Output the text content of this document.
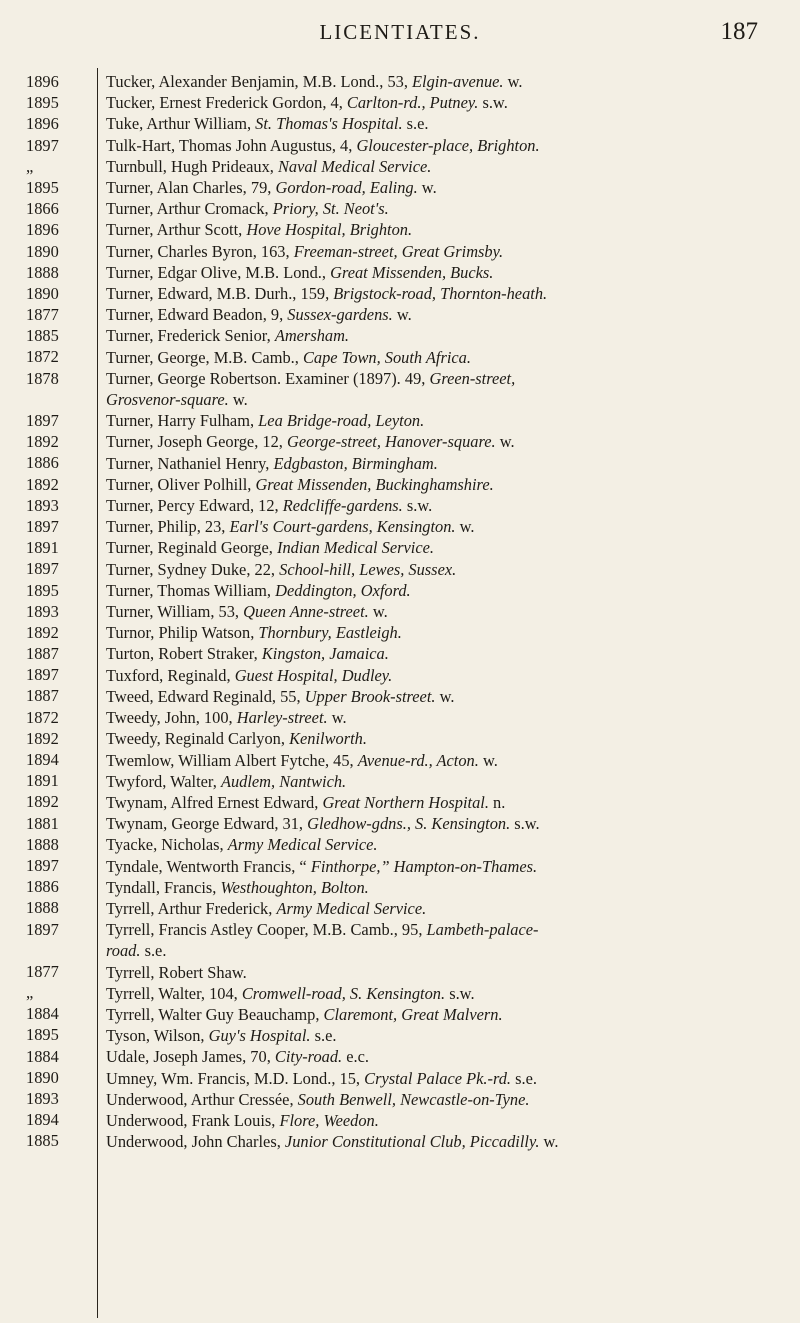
LICENTIATES.	187
1896
1895
1896
1897
„
1895
1866
1896
1890
1888
1890
1877
1885
1872
1878
1897
1892
1886
1892
1893
1897
1891
1897
1895
1893
1892
1887
1897
1887
1872
1892
1894
1891
1892
1881
1888
1897
1886
1888
1897
1877
„
1884
1895
1884
1890
1893
1894
1885
Tucker, Alexander Benjamin, M.B. Lond., 53, Elgin-avenue. w.
Tucker, Ernest Frederick Gordon, 4, Carlton-rd., Putney. s.w.
Tuke, Arthur William, St. Thomas's Hospital. s.e.
Tulk-Hart, Thomas John Augustus, 4, Gloucester-place, Brighton.
Turnbull, Hugh Prideaux, Naval Medical Service.
Turner, Alan Charles, 79, Gordon-road, Ealing. w.
Turner, Arthur Cromack, Priory, St. Neot's.
Turner, Arthur Scott, Hove Hospital, Brighton.
Turner, Charles Byron, 163, Freeman-street, Great Grimsby.
Turner, Edgar Olive, M.B. Lond., Great Missenden, Bucks.
Turner, Edward, M.B. Durh., 159, Brigstock-road, Thornton-heath.
Turner, Edward Beadon, 9, Sussex-gardens. w.
Turner, Frederick Senior, Amersham.
Turner, George, M.B. Camb., Cape Town, South Africa.
Turner, George Robertson. Examiner (1897). 49, Green-street,
Grosvenor-square. w.
Turner, Harry Fulham, Lea Bridge-road, Leyton.
Turner, Joseph George, 12, George-street, Hanover-square. w.
Turner, Nathaniel Henry, Edgbaston, Birmingham.
Turner, Oliver Polhill, Great Missenden, Buckinghamshire.
Turner, Percy Edward, 12, Redcliffe-gardens. s.w.
Turner, Philip, 23, Earl's Court-gardens, Kensington. w.
Turner, Reginald George, Indian Medical Service.
Turner, Sydney Duke, 22, School-hill, Lewes, Sussex.
Turner, Thomas William, Deddington, Oxford.
Turner, William, 53, Queen Anne-street. w.
Turnor, Philip Watson, Thornbury, Eastleigh.
Turton, Robert Straker, Kingston, Jamaica.
Tuxford, Reginald, Guest Hospital, Dudley.
Tweed, Edward Reginald, 55, Upper Brook-street. w.
Tweedy, John, 100, Harley-street. w.
Tweedy, Reginald Carlyon, Kenilworth.
Twemlow, William Albert Fytche, 45, Avenue-rd., Acton. w.
Twyford, Walter, Audlem, Nantwich.
Twynam, Alfred Ernest Edward, Great Northern Hospital. n.
Twynam, George Edward, 31, Gledhow-gdns., S. Kensington. s.w.
Tyacke, Nicholas, Army Medical Service.
Tyndale, Wentworth Francis, “ Finthorpe,” Hampton-on-Thames.
Tyndall, Francis, Westhoughton, Bolton.
Tyrrell, Arthur Frederick, Army Medical Service.
Tyrrell, Francis Astley Cooper, M.B. Camb., 95, Lambeth-palace-
road. s.e.
Tyrrell, Robert Shaw.
Tyrrell, Walter, 104, Cromwell-road, S. Kensington. s.w.
Tyrrell, Walter Guy Beauchamp, Claremont, Great Malvern.
Tyson, Wilson, Guy's Hospital. s.e.
Udale, Joseph James, 70, City-road. e.c.
Umney, Wm. Francis, M.D. Lond., 15, Crystal Palace Pk.-rd. s.e.
Underwood, Arthur Cressée, South Benwell, Newcastle-on-Tyne.
Underwood, Frank Louis, Flore, Weedon.
Underwood, John Charles, Junior Constitutional Club, Piccadilly. w.
